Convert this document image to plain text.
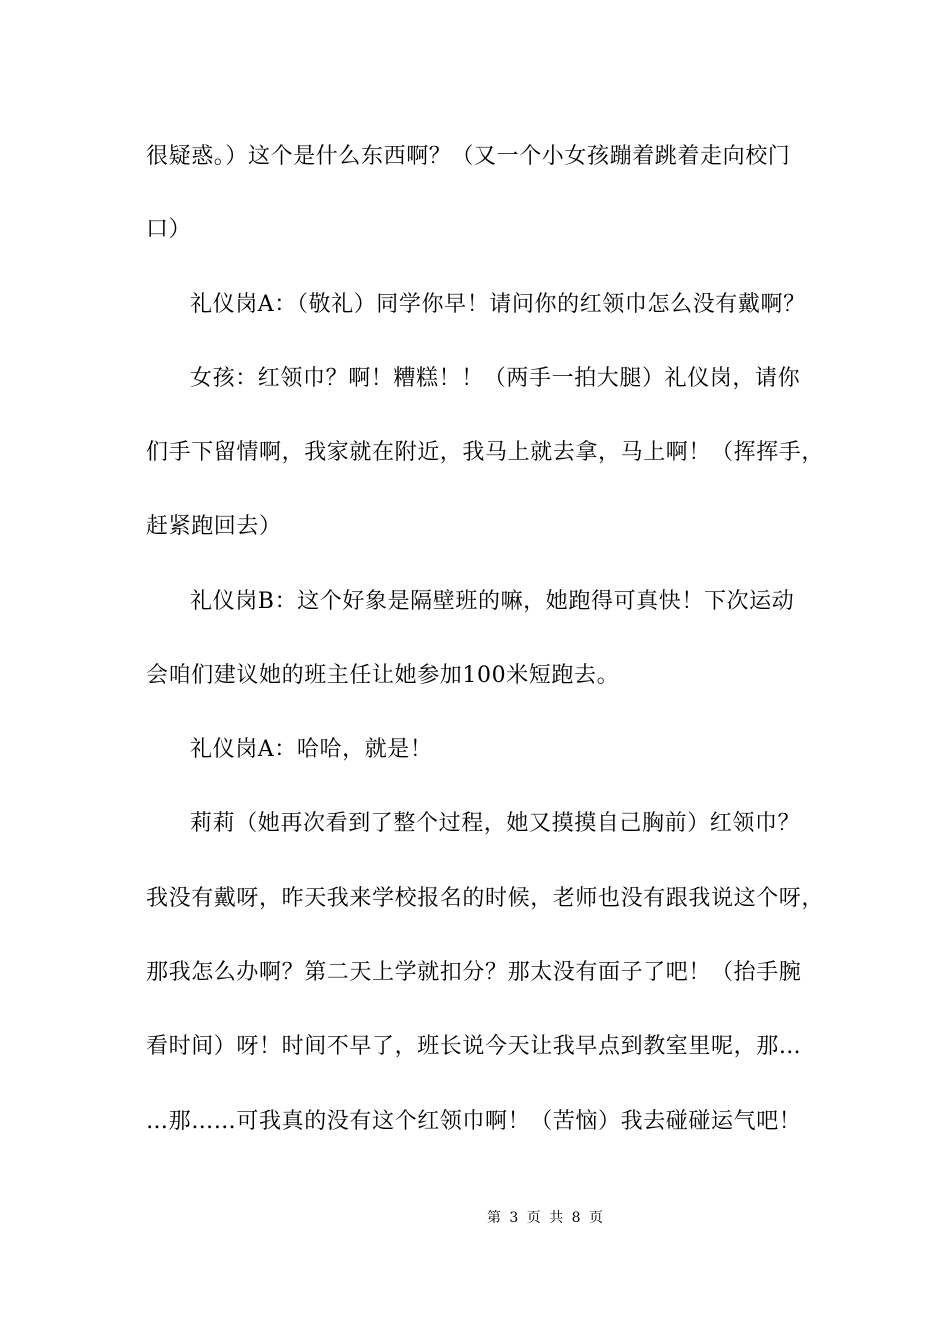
很疑惑。）这个是什么东西啊？（又一个小女孩蹦着跳着走向校门
口）
礼仪岗A：（敬礼）同学你早！请问你的红领巾怎么没有戴啊？
女孩：红领巾？啊！糟糕！！（两手一拍大腿）礼仪岗，请你
们手下留情啊，我家就在附近，我马上就去拿，马上啊！（挥挥手，
赶紧跑回去）
礼仪岗B：这个好象是隔壁班的嘛，她跑得可真快！下次运动
会咱们建议她的班主任让她参加100米短跑去。
礼仪岗A：哈哈，就是！
莉莉（她再次看到了整个过程，她又摸摸自己胸前）红领巾？
我没有戴呀，昨天我来学校报名的时候，老师也没有跟我说这个呀，
那我怎么办啊？第二天上学就扣分？那太没有面子了吧！（抬手腕
看时间）呀！时间不早了，班长说今天让我早点到教室里呢，那…
…那……可我真的没有这个红领巾啊！（苦恼）我去碰碰运气吧！
第 3 页 共 8 页
